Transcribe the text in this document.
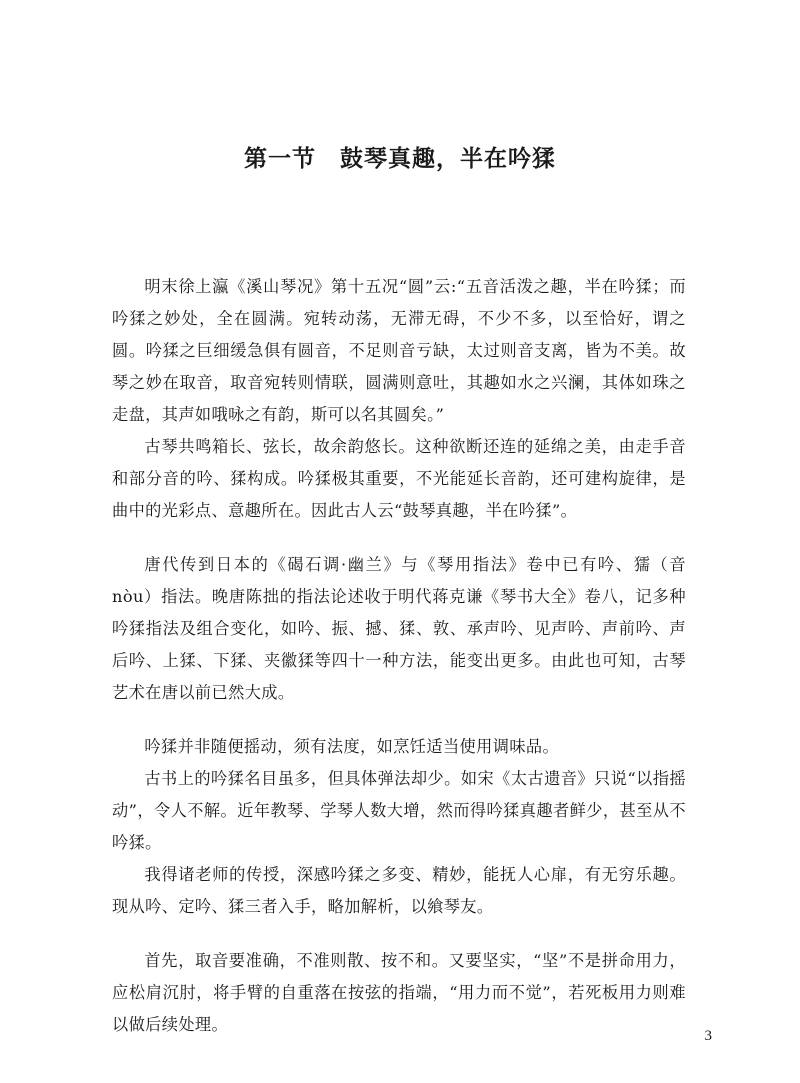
第一节　鼓琴真趣，半在吟猱

明末徐上瀛《溪山琴况》第十五况“圆”云:“五音活泼之趣，半在吟猱；而吟猱之妙处，全在圆满。宛转动荡，无滞无碍，不少不多，以至恰好，谓之圆。吟猱之巨细缓急俱有圆音，不足则音亏缺，太过则音支离，皆为不美。故琴之妙在取音，取音宛转则情联，圆满则意吐，其趣如水之兴澜，其体如珠之走盘，其声如哦咏之有韵，斯可以名其圆矣。”

古琴共鸣箱长、弦长，故余韵悠长。这种欲断还连的延绵之美，由走手音和部分音的吟、猱构成。吟猱极其重要，不光能延长音韵，还可建构旋律，是曲中的光彩点、意趣所在。因此古人云“鼓琴真趣，半在吟猱”。

唐代传到日本的《碣石调·幽兰》与《琴用指法》卷中已有吟、獳（音nòu）指法。晚唐陈拙的指法论述收于明代蒋克谦《琴书大全》卷八，记多种吟猱指法及组合变化，如吟、振、撼、猱、敦、承声吟、见声吟、声前吟、声后吟、上猱、下猱、夹徽猱等四十一种方法，能变出更多。由此也可知，古琴艺术在唐以前已然大成。

吟猱并非随便摇动，须有法度，如烹饪适当使用调味品。

古书上的吟猱名目虽多，但具体弹法却少。如宋《太古遗音》只说“以指摇动”，令人不解。近年教琴、学琴人数大增，然而得吟猱真趣者鲜少，甚至从不吟猱。

我得诸老师的传授，深感吟猱之多变、精妙，能抚人心扉，有无穷乐趣。现从吟、定吟、猱三者入手，略加解析，以飨琴友。

首先，取音要准确，不准则散、按不和。又要坚实，“坚”不是拼命用力，应松肩沉肘，将手臂的自重落在按弦的指端，“用力而不觉”，若死板用力则难以做后续处理。

3
